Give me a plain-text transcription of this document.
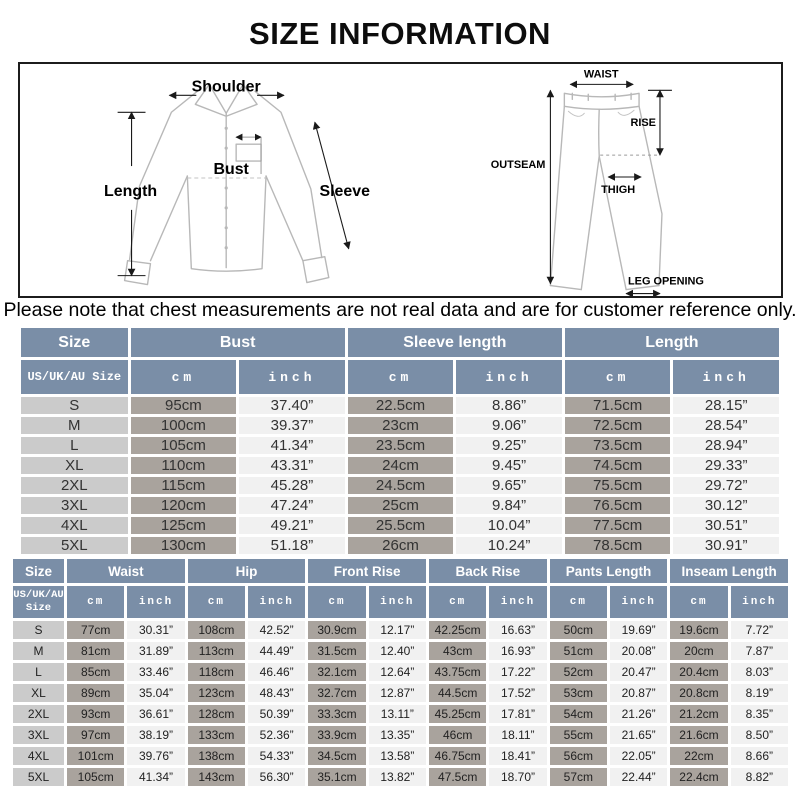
SIZE INFORMATION
Shoulder
Length
Bust
Sleeve
WAIST
RISE
OUTSEAM
THIGH
LEG OPENING
Please note that chest measurements are not real data and are for customer reference only.
Size	Bust		Sleeve length		Length	
US/UK/AU Size	cm	inch	cm	inch	cm	inch
S	95cm	37.40”	22.5cm	8.86”	71.5cm	28.15”
M	100cm	39.37”	23cm	9.06”	72.5cm	28.54”
L	105cm	41.34”	23.5cm	9.25”	73.5cm	28.94”
XL	110cm	43.31”	24cm	9.45”	74.5cm	29.33”
2XL	115cm	45.28”	24.5cm	9.65”	75.5cm	29.72”
3XL	120cm	47.24”	25cm	9.84”	76.5cm	30.12”
4XL	125cm	49.21”	25.5cm	10.04”	77.5cm	30.51”
5XL	130cm	51.18”	26cm	10.24”	78.5cm	30.91”
Size	Waist		Hip		Front Rise		Back Rise		Pants Length		Inseam Length	
US/UK/AU Size	cm	inch	cm	inch	cm	inch	cm	inch	cm	inch	cm	inch
S	77cm	30.31”	108cm	42.52”	30.9cm	12.17”	42.25cm	16.63”	50cm	19.69”	19.6cm	7.72”
M	81cm	31.89”	113cm	44.49”	31.5cm	12.40”	43cm	16.93”	51cm	20.08”	20cm	7.87”
L	85cm	33.46”	118cm	46.46”	32.1cm	12.64”	43.75cm	17.22”	52cm	20.47”	20.4cm	8.03”
XL	89cm	35.04”	123cm	48.43”	32.7cm	12.87”	44.5cm	17.52”	53cm	20.87”	20.8cm	8.19”
2XL	93cm	36.61”	128cm	50.39”	33.3cm	13.11”	45.25cm	17.81”	54cm	21.26”	21.2cm	8.35”
3XL	97cm	38.19”	133cm	52.36”	33.9cm	13.35”	46cm	18.11”	55cm	21.65”	21.6cm	8.50”
4XL	101cm	39.76”	138cm	54.33”	34.5cm	13.58”	46.75cm	18.41”	56cm	22.05”	22cm	8.66”
5XL	105cm	41.34”	143cm	56.30”	35.1cm	13.82”	47.5cm	18.70”	57cm	22.44”	22.4cm	8.82”
